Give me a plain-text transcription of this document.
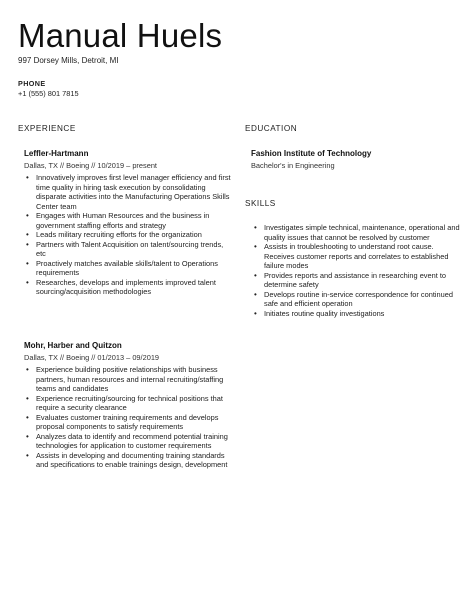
Manual Huels
997 Dorsey Mills, Detroit, MI
PHONE
+1 (555) 801 7815
EXPERIENCE
Leffler-Hartmann
Dallas, TX // Boeing // 10/2019 – present
• Innovatively improves first level manager efficiency and first time quality in hiring task execution by consolidating disparate activities into the Manufacturing Operations Skills Center team
• Engages with Human Resources and the business in government staffing efforts and strategy
• Leads military recruiting efforts for the organization
• Partners with Talent Acquisition on talent/sourcing trends, etc
• Proactively matches available skills/talent to Operations requirements
• Researches, develops and implements improved talent sourcing/acquisition methodologies
Mohr, Harber and Quitzon
Dallas, TX // Boeing // 01/2013 – 09/2019
• Experience building positive relationships with business partners, human resources and internal recruiting/staffing teams and candidates
• Experience recruiting/sourcing for technical positions that require a security clearance
• Evaluates customer training requirements and develops proposal components to satisfy requirements
• Analyzes data to identify and recommend potential training technologies for application to customer requirements
• Assists in developing and documenting training standards and specifications to enable trainings design, development
EDUCATION
Fashion Institute of Technology
Bachelor's in Engineering
SKILLS
• Investigates simple technical, maintenance, operational and quality issues that cannot be resolved by customer
• Assists in troubleshooting to understand root cause. Receives customer reports and correlates to established failure modes
• Provides reports and assistance in researching event to determine safety
• Develops routine in-service correspondence for continued safe and efficient operation
• Initiates routine quality investigations
